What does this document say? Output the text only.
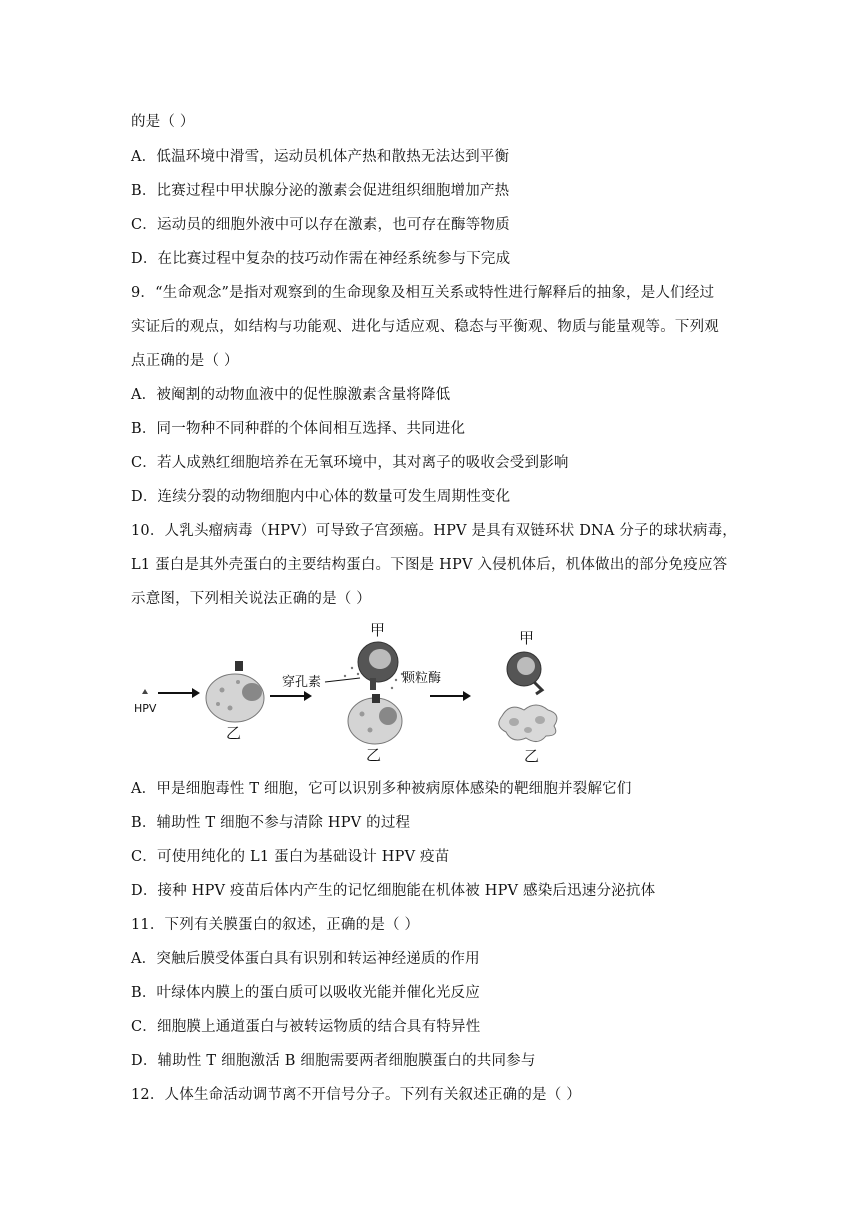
的是（ ）
A．低温环境中滑雪，运动员机体产热和散热无法达到平衡
B．比赛过程中甲状腺分泌的激素会促进组织细胞增加产热
C．运动员的细胞外液中可以存在激素，也可存在酶等物质
D．在比赛过程中复杂的技巧动作需在神经系统参与下完成
9．“生命观念”是指对观察到的生命现象及相互关系或特性进行解释后的抽象，是人们经过
实证后的观点，如结构与功能观、进化与适应观、稳态与平衡观、物质与能量观等。下列观
点正确的是（ ）
A．被阉割的动物血液中的促性腺激素含量将降低
B．同一物种不同种群的个体间相互选择、共同进化
C．若人成熟红细胞培养在无氧环境中，其对离子的吸收会受到影响
D．连续分裂的动物细胞内中心体的数量可发生周期性变化
10．人乳头瘤病毒（HPV）可导致子宫颈癌。HPV 是具有双链环状 DNA 分子的球状病毒，
L1 蛋白是其外壳蛋白的主要结构蛋白。下图是 HPV 入侵机体后，机体做出的部分免疫应答
示意图，下列相关说法正确的是（ ）
HPV
乙
甲
穿孔素	颗粒酶
乙
甲
乙
A．甲是细胞毒性 T 细胞，它可以识别多种被病原体感染的靶细胞并裂解它们
B．辅助性 T 细胞不参与清除 HPV 的过程
C．可使用纯化的 L1 蛋白为基础设计 HPV 疫苗
D．接种 HPV 疫苗后体内产生的记忆细胞能在机体被 HPV 感染后迅速分泌抗体
11．下列有关膜蛋白的叙述，正确的是（ ）
A．突触后膜受体蛋白具有识别和转运神经递质的作用
B．叶绿体内膜上的蛋白质可以吸收光能并催化光反应
C．细胞膜上通道蛋白与被转运物质的结合具有特异性
D．辅助性 T 细胞激活 B 细胞需要两者细胞膜蛋白的共同参与
12．人体生命活动调节离不开信号分子。下列有关叙述正确的是（ ）
